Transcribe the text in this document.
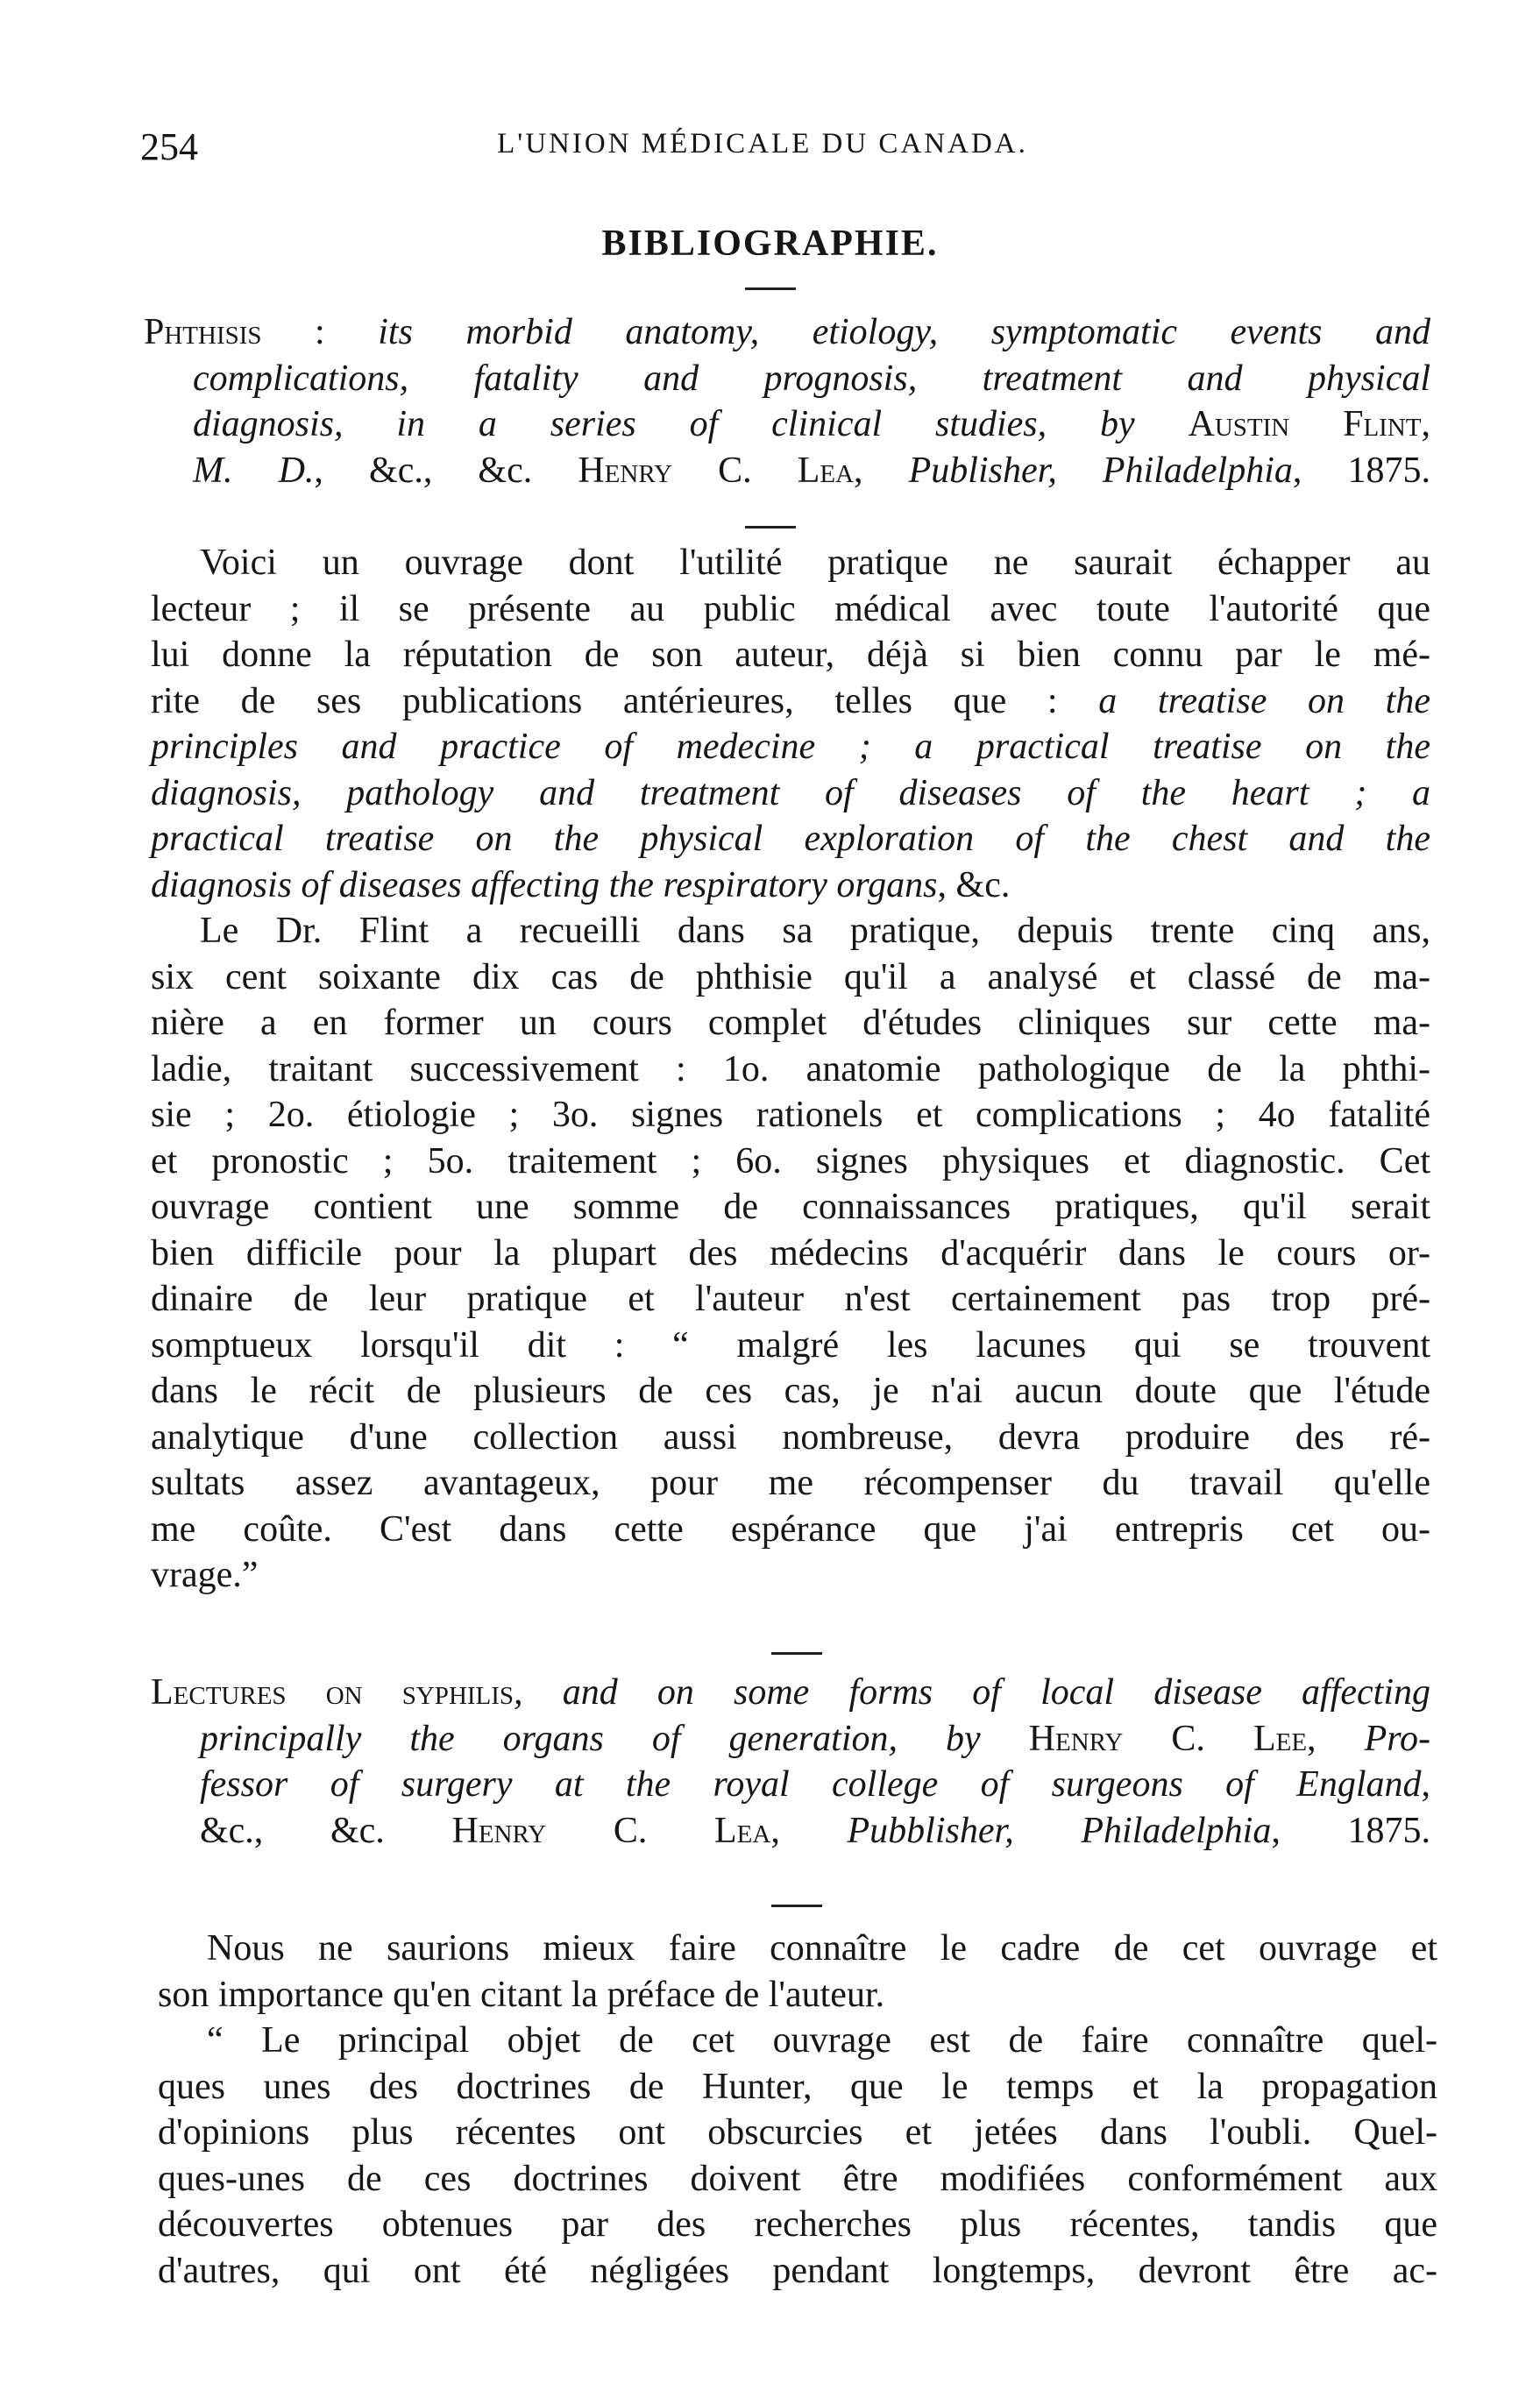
254	L'UNION MÉDICALE DU CANADA.
BIBLIOGRAPHIE.
Phthisis : its morbid anatomy, etiology, symptomatic events and
complications, fatality and prognosis, treatment and physical
diagnosis, in a series of clinical studies, by Austin Flint,
M. D., &c., &c. Henry C. Lea, Publisher, Philadelphia, 1875.
Voici un ouvrage dont l'utilité pratique ne saurait échapper au
lecteur ; il se présente au public médical avec toute l'autorité que
lui donne la réputation de son auteur, déjà si bien connu par le mé-
rite de ses publications antérieures, telles que : a treatise on the
principles and practice of medecine ; a practical treatise on the
diagnosis, pathology and treatment of diseases of the heart ; a
practical treatise on the physical exploration of the chest and the
diagnosis of diseases affecting the respiratory organs, &c.
Le Dr. Flint a recueilli dans sa pratique, depuis trente cinq ans,
six cent soixante dix cas de phthisie qu'il a analysé et classé de ma-
nière a en former un cours complet d'études cliniques sur cette ma-
ladie, traitant successivement : 1o. anatomie pathologique de la phthi-
sie ; 2o. étiologie ; 3o. signes rationels et complications ; 4o fatalité
et pronostic ; 5o. traitement ; 6o. signes physiques et diagnostic. Cet
ouvrage contient une somme de connaissances pratiques, qu'il serait
bien difficile pour la plupart des médecins d'acquérir dans le cours or-
dinaire de leur pratique et l'auteur n'est certainement pas trop pré-
somptueux lorsqu'il dit : “ malgré les lacunes qui se trouvent
dans le récit de plusieurs de ces cas, je n'ai aucun doute que l'étude
analytique d'une collection aussi nombreuse, devra produire des ré-
sultats assez avantageux, pour me récompenser du travail qu'elle
me coûte. C'est dans cette espérance que j'ai entrepris cet ou-
vrage.”
Lectures on syphilis, and on some forms of local disease affecting
principally the organs of generation, by Henry C. Lee, Pro-
fessor of surgery at the royal college of surgeons of England,
&c., &c. Henry C. Lea, Pubblisher, Philadelphia, 1875.
Nous ne saurions mieux faire connaître le cadre de cet ouvrage et
son importance qu'en citant la préface de l'auteur.
“ Le principal objet de cet ouvrage est de faire connaître quel-
ques unes des doctrines de Hunter, que le temps et la propagation
d'opinions plus récentes ont obscurcies et jetées dans l'oubli. Quel-
ques-unes de ces doctrines doivent être modifiées conformément aux
découvertes obtenues par des recherches plus récentes, tandis que
d'autres, qui ont été négligées pendant longtemps, devront être ac-
